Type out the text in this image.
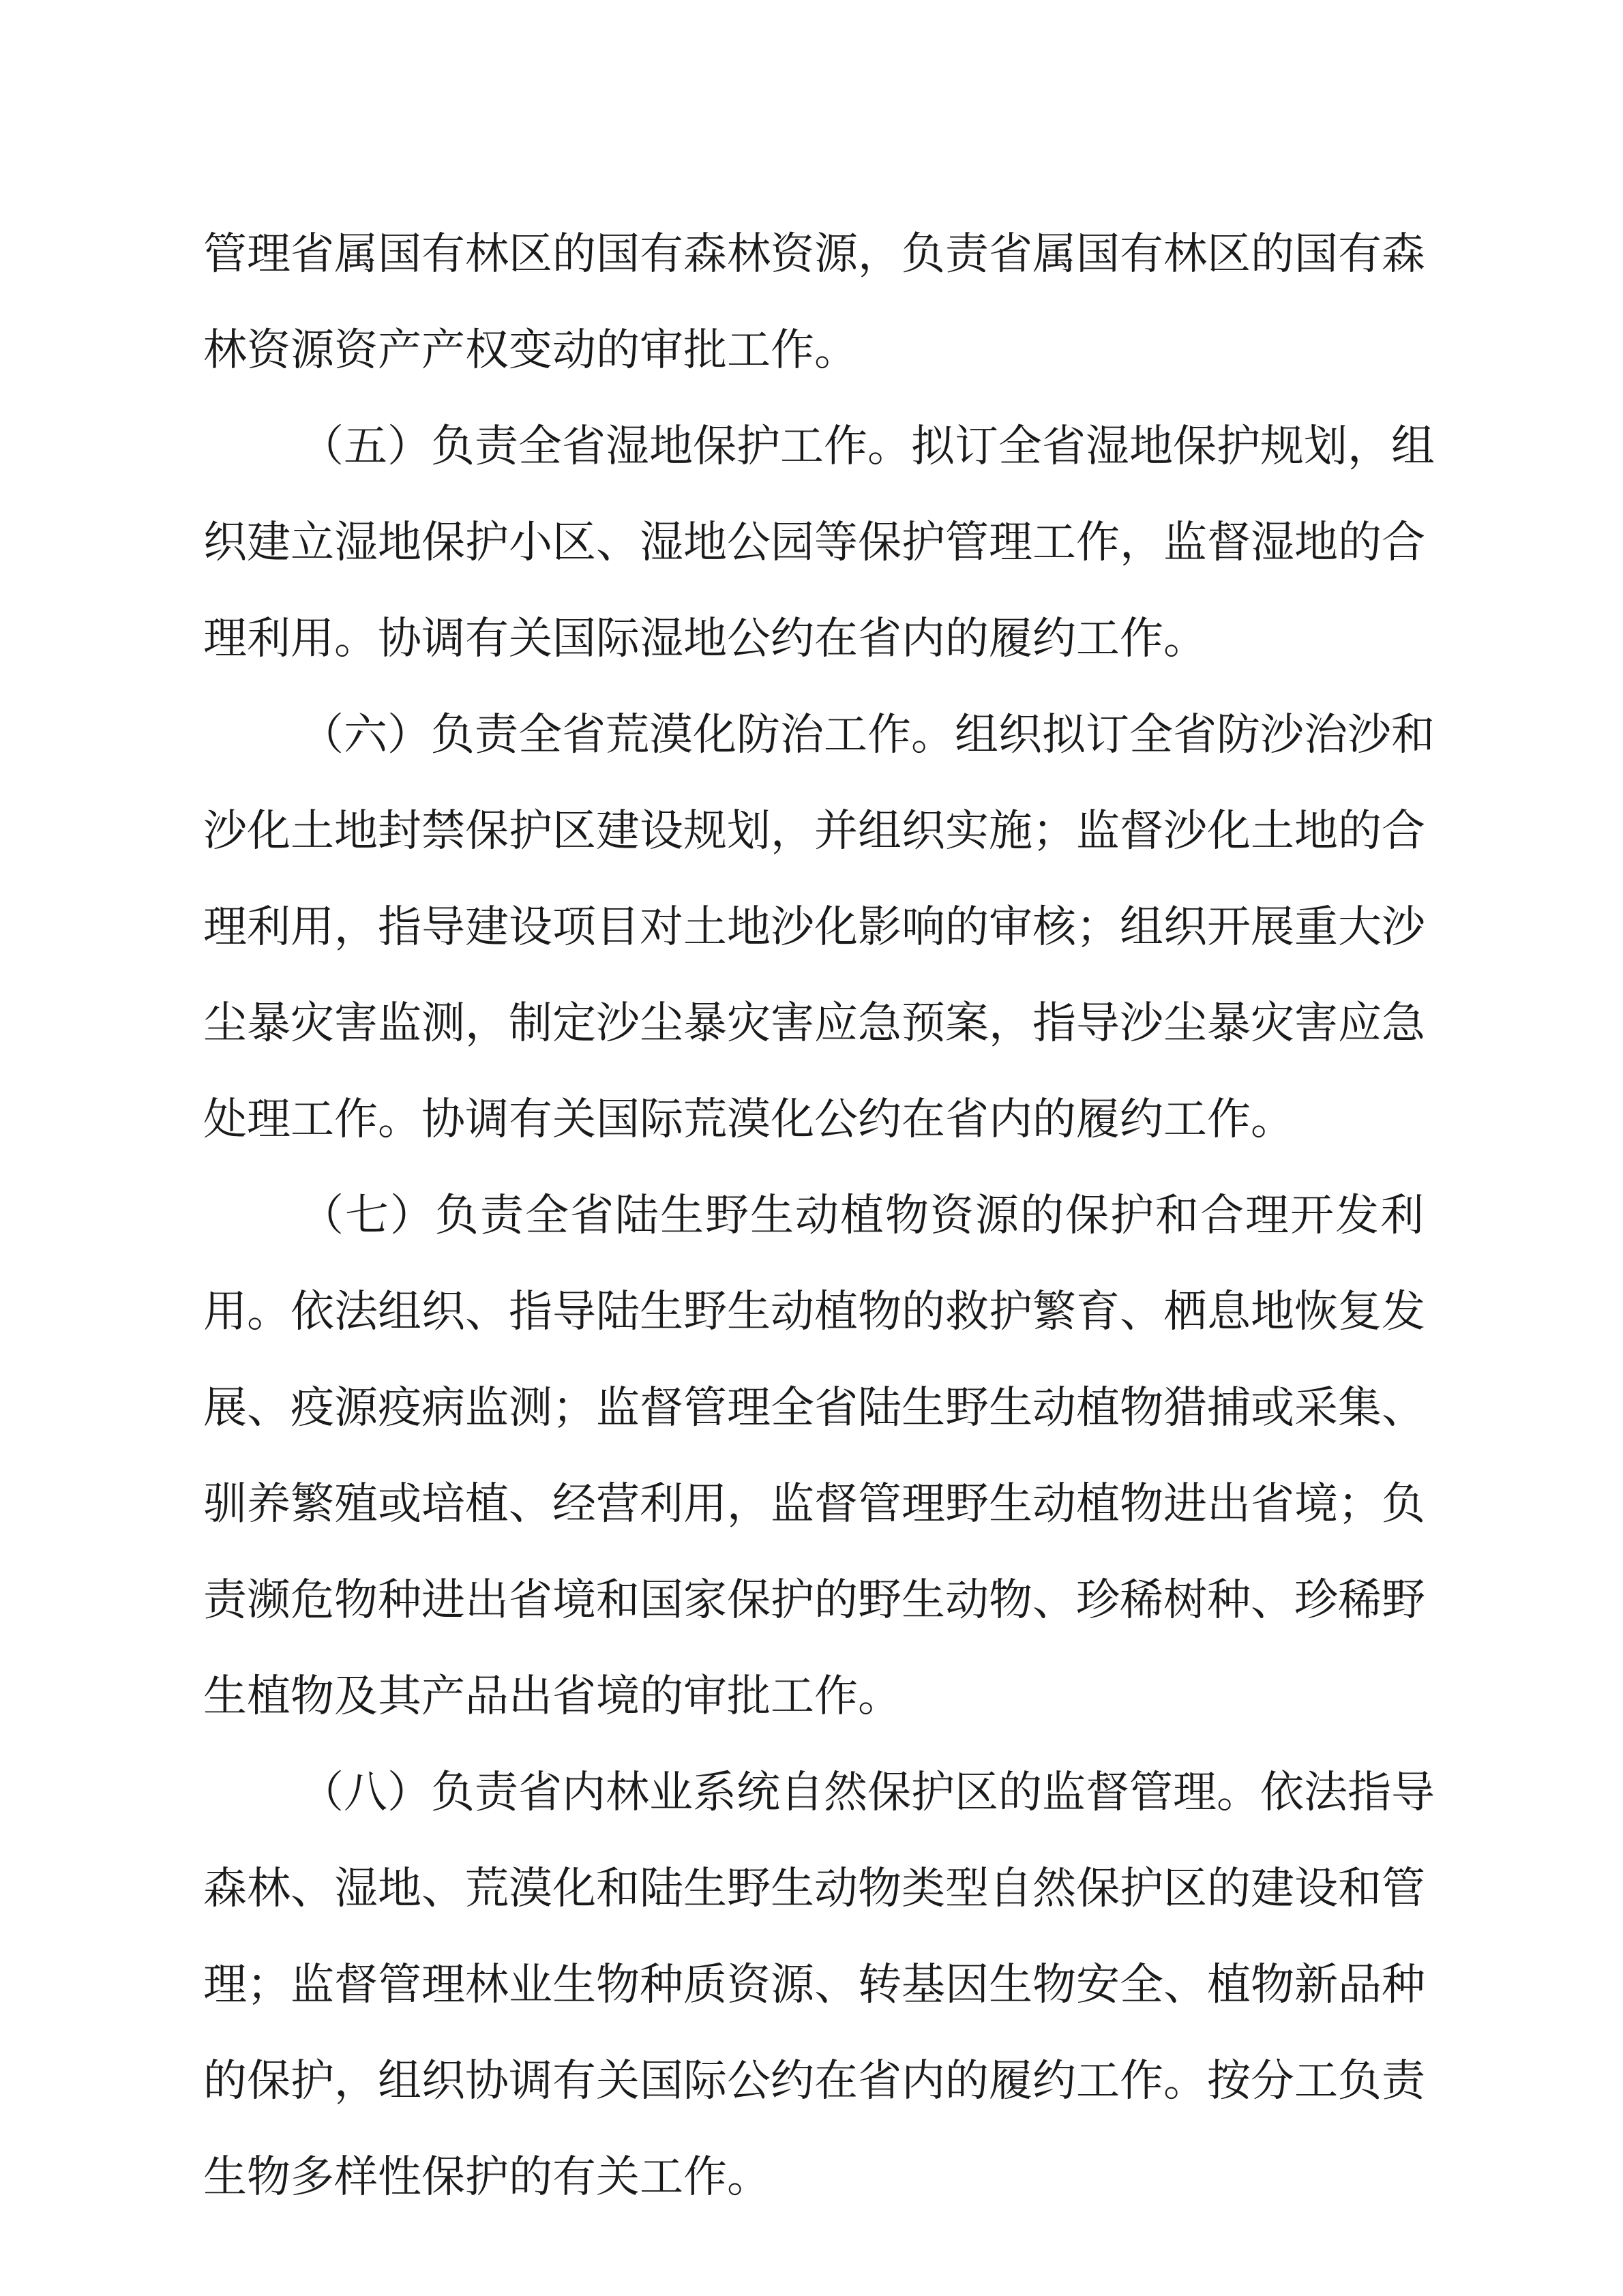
管理省属国有林区的国有森林资源，负责省属国有林区的国有森
林资源资产产权变动的审批工作。
（五）负责全省湿地保护工作。拟订全省湿地保护规划，组
织建立湿地保护小区、湿地公园等保护管理工作，监督湿地的合
理利用。协调有关国际湿地公约在省内的履约工作。
（六）负责全省荒漠化防治工作。组织拟订全省防沙治沙和
沙化土地封禁保护区建设规划，并组织实施；监督沙化土地的合
理利用，指导建设项目对土地沙化影响的审核；组织开展重大沙
尘暴灾害监测，制定沙尘暴灾害应急预案，指导沙尘暴灾害应急
处理工作。协调有关国际荒漠化公约在省内的履约工作。
（七）负责全省陆生野生动植物资源的保护和合理开发利
用。依法组织、指导陆生野生动植物的救护繁育、栖息地恢复发
展、疫源疫病监测；监督管理全省陆生野生动植物猎捕或采集、
驯养繁殖或培植、经营利用，监督管理野生动植物进出省境；负
责濒危物种进出省境和国家保护的野生动物、珍稀树种、珍稀野
生植物及其产品出省境的审批工作。
（八）负责省内林业系统自然保护区的监督管理。依法指导
森林、湿地、荒漠化和陆生野生动物类型自然保护区的建设和管
理；监督管理林业生物种质资源、转基因生物安全、植物新品种
的保护，组织协调有关国际公约在省内的履约工作。按分工负责
生物多样性保护的有关工作。
